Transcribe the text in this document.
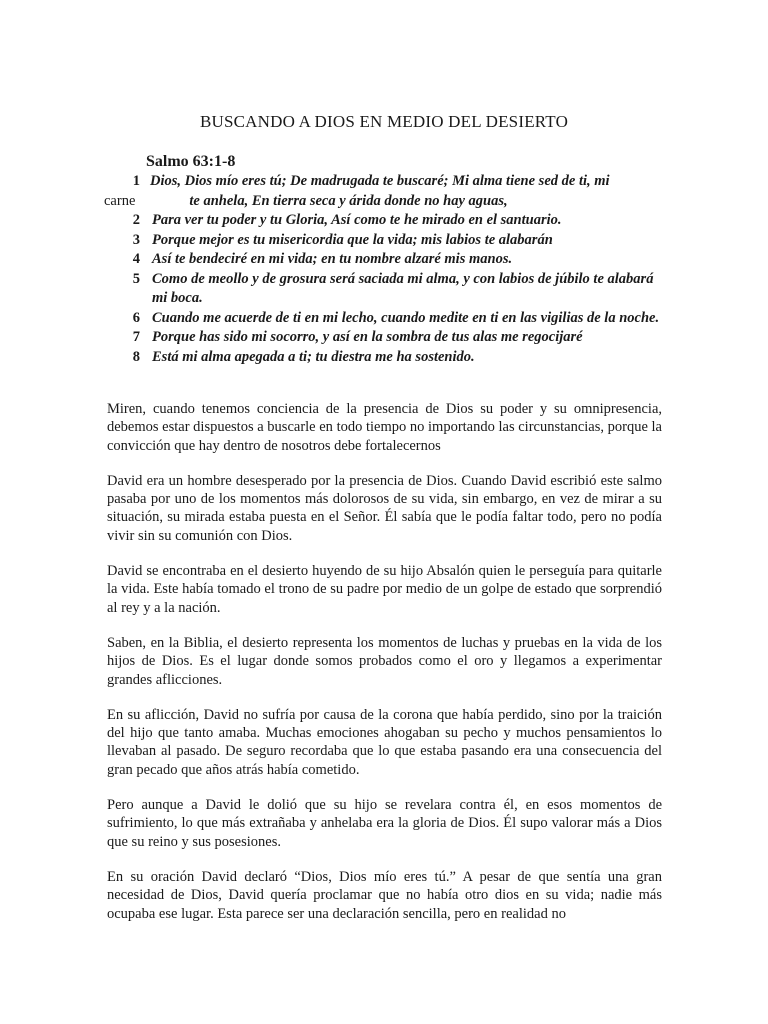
BUSCANDO A DIOS EN MEDIO DEL DESIERTO
Salmo 63:1-8
1 Dios, Dios mío eres tú; De madrugada te buscaré; Mi alma tiene sed de ti, mi
carne	te anhela, En tierra seca y árida donde no hay aguas,
2 Para ver tu poder y tu Gloria, Así como te he mirado en el santuario.
3 Porque mejor es tu misericordia que la vida; mis labios te alabarán
4 Así te bendeciré en mi vida; en tu nombre alzaré mis manos.
5 Como de meollo y de grosura será saciada mi alma, y con labios de júbilo te alabará mi boca.
6 Cuando me acuerde de ti en mi lecho, cuando medite en ti en las vigilias de la noche.
7 Porque has sido mi socorro, y así en la sombra de tus alas me regocijaré
8 Está mi alma apegada a ti; tu diestra me ha sostenido.

Miren, cuando tenemos conciencia de la presencia de Dios su poder y su omnipresencia, debemos estar dispuestos a buscarle en todo tiempo no importando las circunstancias, porque la convicción que hay dentro de nosotros debe fortalecernos

David era un hombre desesperado por la presencia de Dios. Cuando David escribió este salmo pasaba por uno de los momentos más dolorosos de su vida, sin embargo, en vez de mirar a su situación, su mirada estaba puesta en el Señor. Él sabía que le podía faltar todo, pero no podía vivir sin su comunión con Dios.

David se encontraba en el desierto huyendo de su hijo Absalón quien le perseguía para quitarle la vida. Este había tomado el trono de su padre por medio de un golpe de estado que sorprendió al rey y a la nación.

Saben, en la Biblia, el desierto representa los momentos de luchas y pruebas en la vida de los hijos de Dios. Es el lugar donde somos probados como el oro y llegamos a experimentar grandes aflicciones.

En su aflicción, David no sufría por causa de la corona que había perdido, sino por la traición del hijo que tanto amaba. Muchas emociones ahogaban su pecho y muchos pensamientos lo llevaban al pasado. De seguro recordaba que lo que estaba pasando era una consecuencia del gran pecado que años atrás había cometido.

Pero aunque a David le dolió que su hijo se revelara contra él, en esos momentos de sufrimiento, lo que más extrañaba y anhelaba era la gloria de Dios. Él supo valorar más a Dios que su reino y sus posesiones.

En su oración David declaró “Dios, Dios mío eres tú.” A pesar de que sentía una gran necesidad de Dios, David quería proclamar que no había otro dios en su vida; nadie más ocupaba ese lugar. Esta parece ser una declaración sencilla, pero en realidad no
